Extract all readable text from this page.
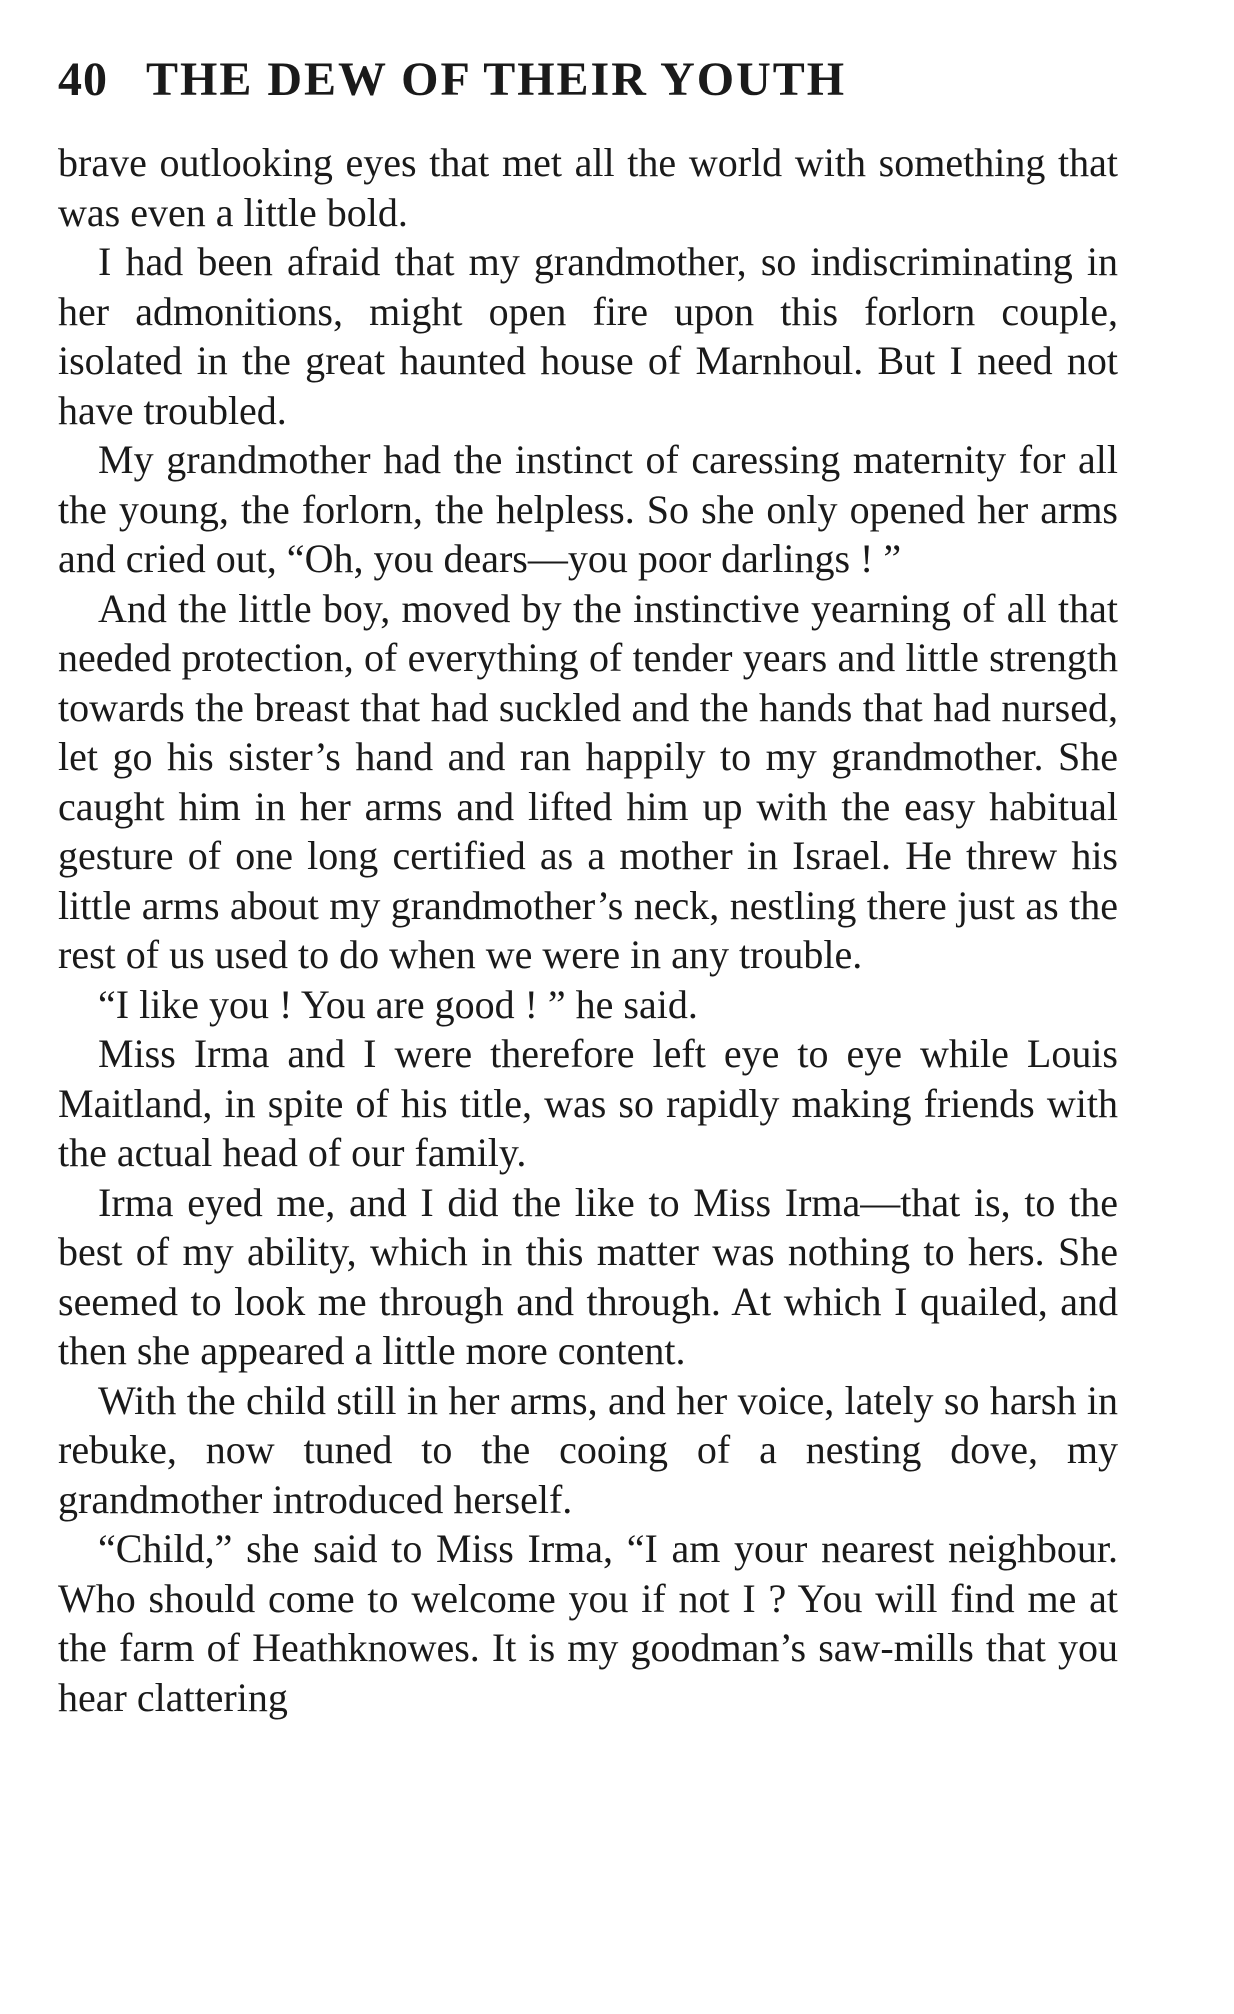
40 THE DEW OF THEIR YOUTH

brave outlooking eyes that met all the world with something that was even a little bold.

I had been afraid that my grandmother, so indiscriminating in her admonitions, might open fire upon this forlorn couple, isolated in the great haunted house of Marnhoul. But I need not have troubled.

My grandmother had the instinct of caressing maternity for all the young, the forlorn, the helpless. So she only opened her arms and cried out, “Oh, you dears—you poor darlings ! ”

And the little boy, moved by the instinctive yearning of all that needed protection, of everything of tender years and little strength towards the breast that had suckled and the hands that had nursed, let go his sister’s hand and ran happily to my grandmother. She caught him in her arms and lifted him up with the easy habitual gesture of one long certified as a mother in Israel. He threw his little arms about my grandmother’s neck, nestling there just as the rest of us used to do when we were in any trouble.

“I like you ! You are good ! ” he said.

Miss Irma and I were therefore left eye to eye while Louis Maitland, in spite of his title, was so rapidly making friends with the actual head of our family.

Irma eyed me, and I did the like to Miss Irma—that is, to the best of my ability, which in this matter was nothing to hers. She seemed to look me through and through. At which I quailed, and then she appeared a little more content.

With the child still in her arms, and her voice, lately so harsh in rebuke, now tuned to the cooing of a nesting dove, my grandmother introduced herself.

“Child,” she said to Miss Irma, “I am your nearest neighbour. Who should come to welcome you if not I ? You will find me at the farm of Heathknowes. It is my goodman’s saw-mills that you hear clattering
